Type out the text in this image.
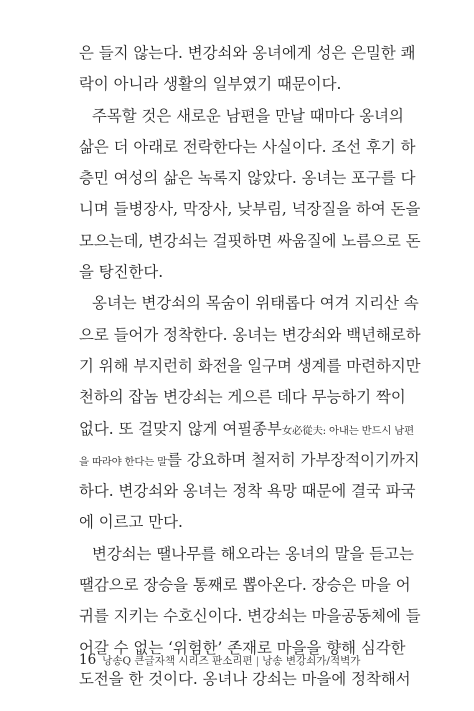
은 들지 않는다. 변강쇠와 옹녀에게 성은 은밀한 쾌
락이 아니라 생활의 일부였기 때문이다.
주목할 것은 새로운 남편을 만날 때마다 옹녀의
삶은 더 아래로 전락한다는 사실이다. 조선 후기 하
층민 여성의 삶은 녹록지 않았다. 옹녀는 포구를 다
니며 들병장사, 막장사, 낮부림, 넉장질을 하여 돈을
모으는데, 변강쇠는 걸핏하면 싸움질에 노름으로 돈
을 탕진한다.
옹녀는 변강쇠의 목숨이 위태롭다 여겨 지리산 속
으로 들어가 정착한다. 옹녀는 변강쇠와 백년해로하
기 위해 부지런히 화전을 일구며 생계를 마련하지만
천하의 잡놈 변강쇠는 게으른 데다 무능하기 짝이
없다. 또 걸맞지 않게 여필종부女必從夫: 아내는 반드시 남편
을 따라야 한다는 말를 강요하며 철저히 가부장적이기까지
하다. 변강쇠와 옹녀는 정착 욕망 때문에 결국 파국
에 이르고 만다.
변강쇠는 땔나무를 해오라는 옹녀의 말을 듣고는
땔감으로 장승을 통째로 뽑아온다. 장승은 마을 어
귀를 지키는 수호신이다. 변강쇠는 마을공동체에 들
어갈 수 없는 ‘위험한’ 존재로 마을을 향해 심각한
도전을 한 것이다. 옹녀나 강쇠는 마을에 정착해서
16 낭송Q 큰글자책 시리즈 판소리편 | 낭송 변강쇠가/적벽가
